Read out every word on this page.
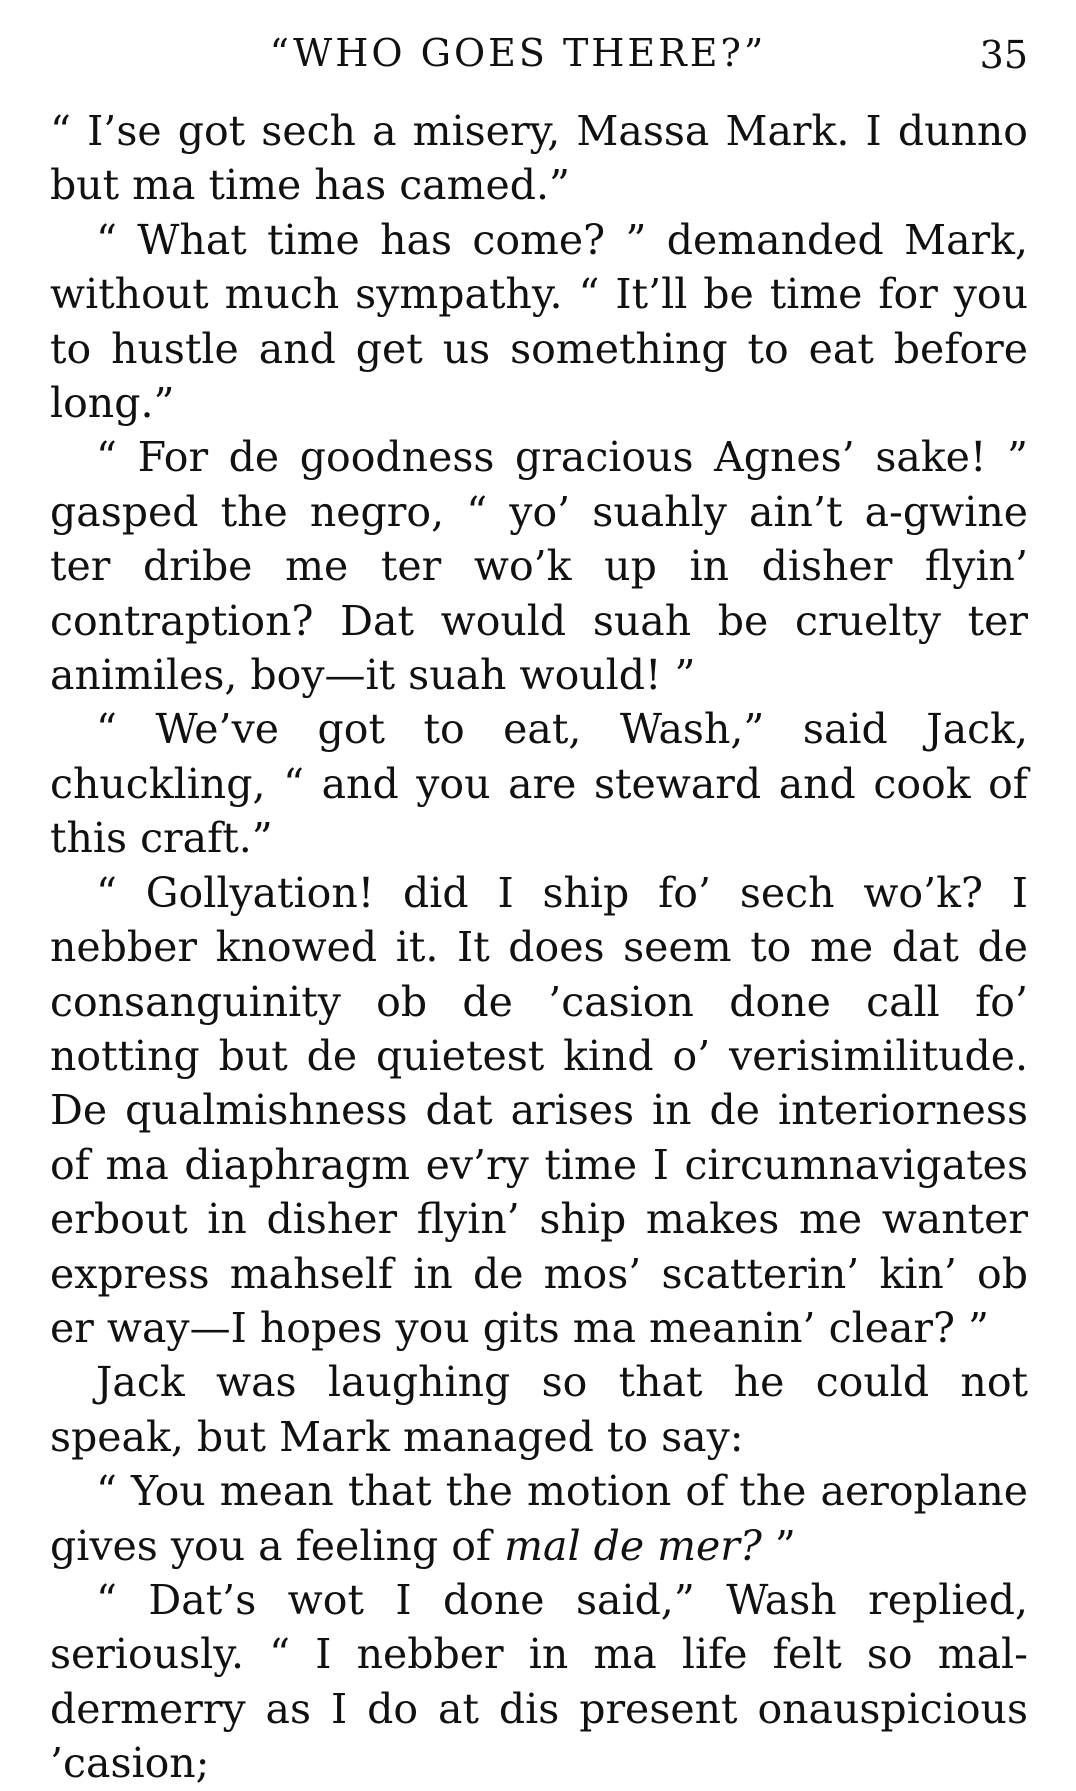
“WHO GOES THERE?”	35

“ I’se got sech a misery, Massa Mark. I dunno but ma time has camed.”

“ What time has come? ” demanded Mark, without much sympathy. “ It’ll be time for you to hustle and get us something to eat before long.”

“ For de goodness gracious Agnes’ sake! ” gasped the negro, “ yo’ suahly ain’t a-gwine ter dribe me ter wo’k up in disher flyin’ contraption? Dat would suah be cruelty ter animiles, boy—it suah would! ”

“ We’ve got to eat, Wash,” said Jack, chuckling, “ and you are steward and cook of this craft.”

“ Gollyation! did I ship fo’ sech wo’k? I nebber knowed it. It does seem to me dat de consanguinity ob de ’casion done call fo’ notting but de quietest kind o’ verisimilitude. De qualmishness dat arises in de interiorness of ma diaphragm ev’ry time I circumnavigates erbout in disher flyin’ ship makes me wanter express mahself in de mos’ scatterin’ kin’ ob er way—I hopes you gits ma meanin’ clear? ”

Jack was laughing so that he could not speak, but Mark managed to say:

“ You mean that the motion of the aeroplane gives you a feeling of mal de mer? ”

“ Dat’s wot I done said,” Wash replied, seriously. “ I nebber in ma life felt so mal-dermerry as I do at dis present onauspicious ’casion;
